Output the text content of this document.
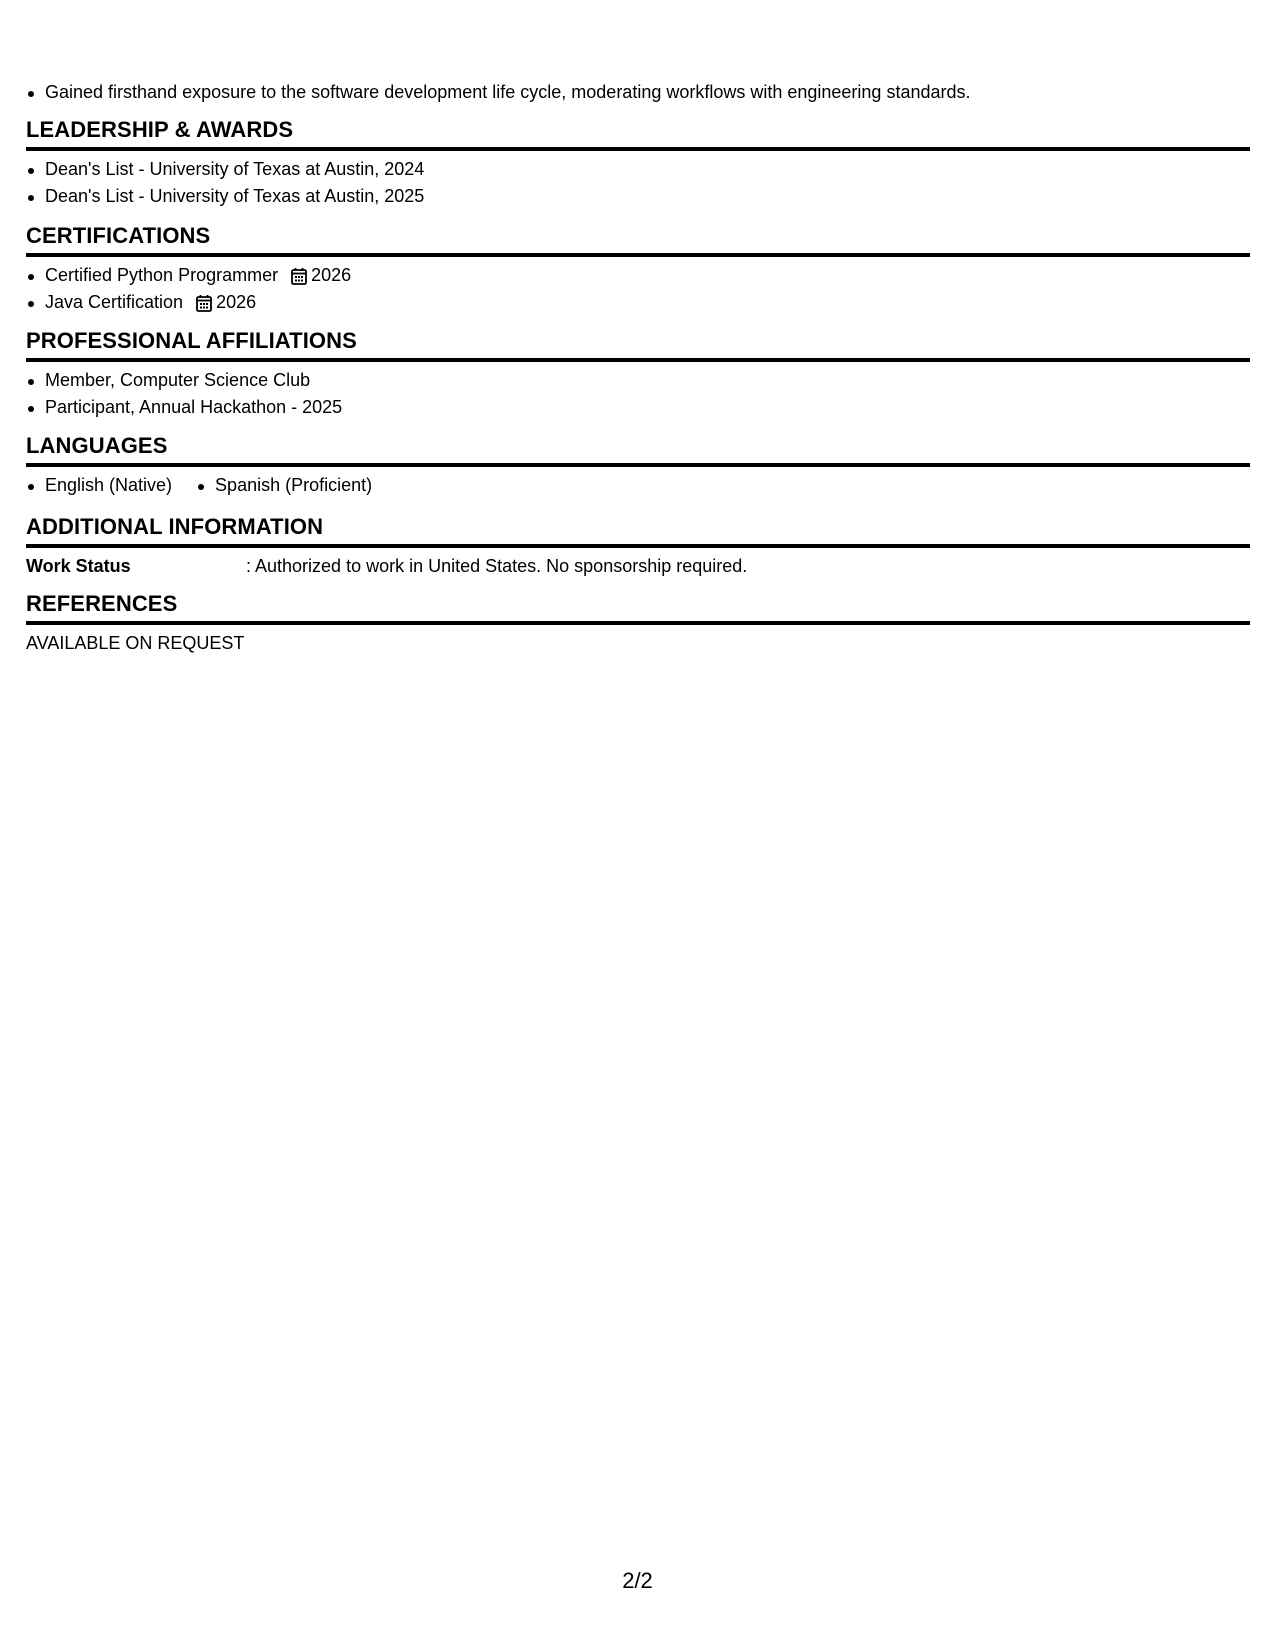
Gained firsthand exposure to the software development life cycle, moderating workflows with engineering standards.
LEADERSHIP & AWARDS
Dean's List - University of Texas at Austin, 2024
Dean's List - University of Texas at Austin, 2025
CERTIFICATIONS
Certified Python Programmer 2026
Java Certification 2026
PROFESSIONAL AFFILIATIONS
Member, Computer Science Club
Participant, Annual Hackathon - 2025
LANGUAGES
English (Native)	Spanish (Proficient)
ADDITIONAL INFORMATION
Work Status	: Authorized to work in United States. No sponsorship required.
REFERENCES
AVAILABLE ON REQUEST
2/2
